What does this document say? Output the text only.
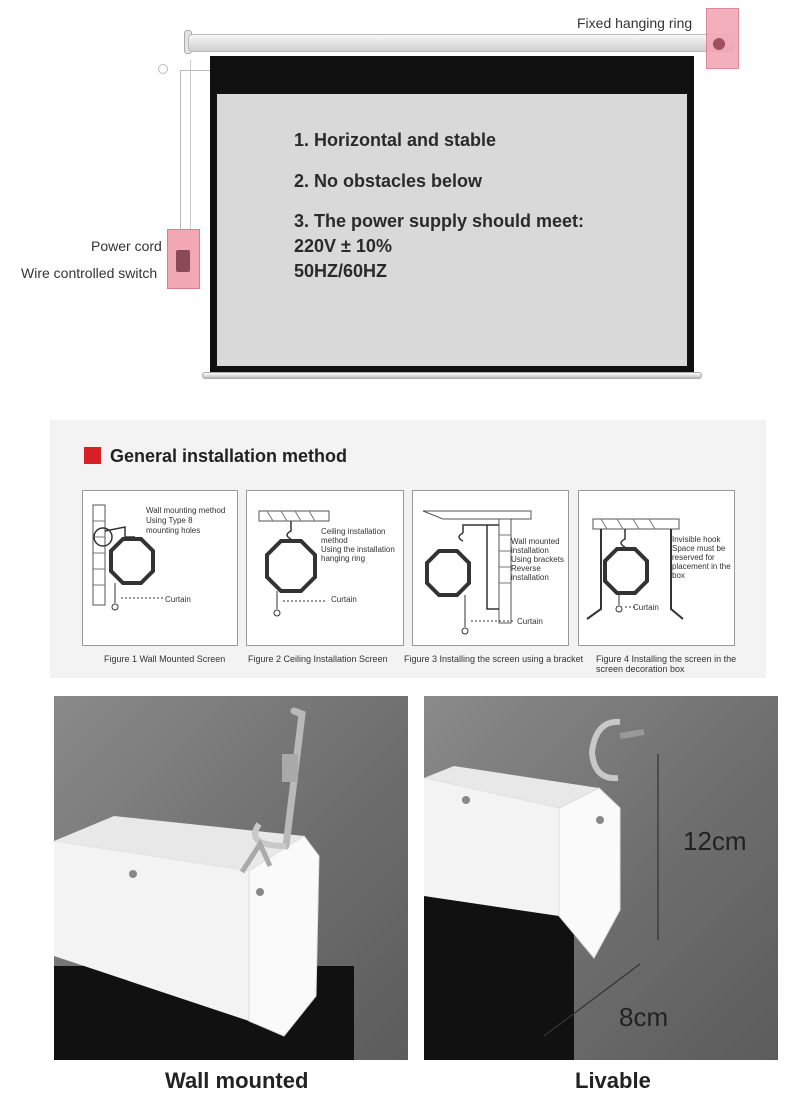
Fixed hanging ring
Power cord
Wire controlled switch
1. Horizontal and stable
2. No obstacles below
3. The power supply should meet:
220V ± 10%
50HZ/60HZ
General installation method
Wall mounting method
Using Type 8
mounting holes
Curtain
Figure 1 Wall Mounted Screen
Ceiling installation
method
Using the installation
hanging ring
Curtain
Figure 2 Ceiling Installation Screen
Wall mounted
installation
Using brackets
Reverse
installation
Curtain
Figure 3 Installing the screen using a bracket
Invisible hook
Space must be
reserved for
placement in the
box
Curtain
Figure 4 Installing the screen in the
screen decoration box
12cm
8cm
Wall mounted	Livable
